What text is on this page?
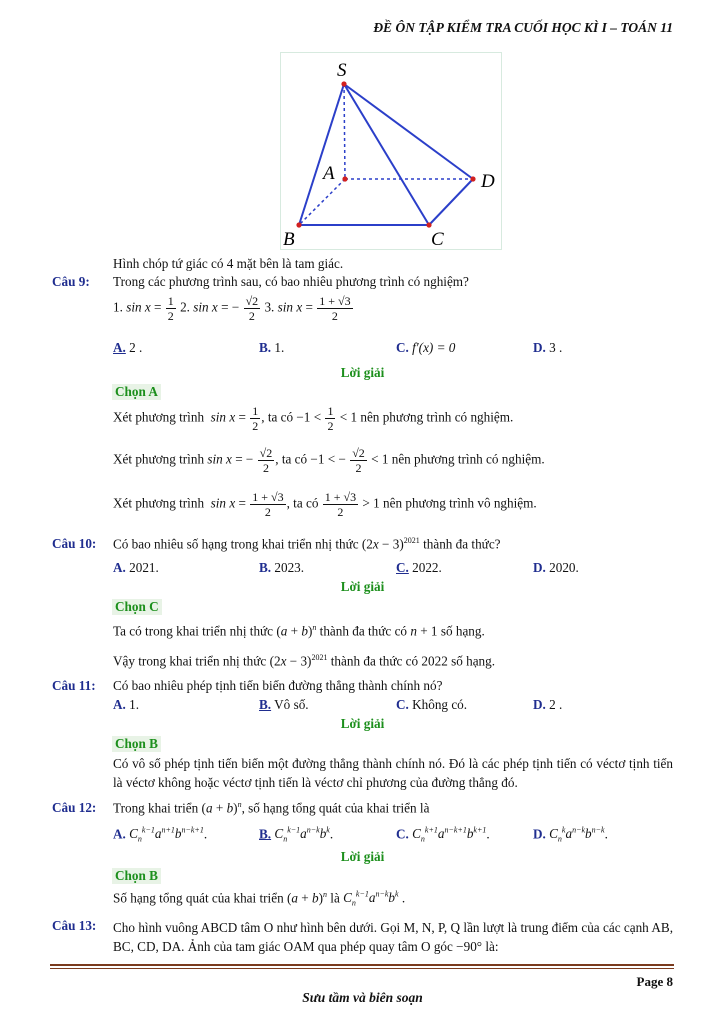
ĐỀ ÔN TẬP KIỂM TRA CUỐI HỌC KÌ I – TOÁN 11
S
A
B	C
D
Hình chóp tứ giác có 4 mặt bên là tam giác.
Câu 9: Trong các phương trình sau, có bao nhiêu phương trình có nghiệm?
1. $\sin x = \frac{1}{2} 2$. sin x = − $\frac{√2}{2} 3$. $\sin x = \frac{1 + √3}{2}$
A. 2 .	B. 1.	C. f′(x) = 0	D. 3 .
Lời giải
Chọn A
Xét phương trình $\sin x = \frac{1}{2}$ , ta có $-1 < \frac{1}{2} < 1$ nên phương trình có nghiệm.
Xét phương trình sin x = − $\frac{√2}{2}$ , ta có −1 < − $\frac{√2}{2} < 1$ nên phương trình có nghiệm.
Xét phương trình $\sin x = \frac{1 + √3}{2}$ , ta có $\frac{1 + √3}{2} > 1$ nên phương trình vô nghiệm.
Câu 10: Có bao nhiêu số hạng trong khai triển nhị thức $(2x - 3)^{2021}$ thành đa thức?
A. 2021.	B. 2023.	C. 2022.	D. 2020.
Lời giải
Chọn C
Ta có trong khai triển nhị thức $(a + b)^n$ thành đa thức có n + 1 số hạng.
Vậy trong khai triển nhị thức $(2x - 3)^{2021}$ thành đa thức có 2022 số hạng.
Câu 11: Có bao nhiêu phép tịnh tiến biến đường thẳng thành chính nó?
A. 1.	B. Vô số.	C. Không có.	D. 2 .
Lời giải
Chọn B
Có vô số phép tịnh tiến biến một đường thẳng thành chính nó. Đó là các phép tịnh tiến có véctơ tịnh tiến là véctơ không hoặc véctơ tịnh tiến là véctơ chỉ phương của đường thẳng đó.
Câu 12: Trong khai triển $(a + b)^n$, số hạng tổng quát của khai triển là
A. $C_n^{k-1}a^{n+1}b^{n-k+1}$.	B. $C_n^{k-1}a^{n-k}b^k$.	C. $C_n^{k+1}a^{n-k+1}b^{k+1}$.	D. $C_n^ka^{n-k}b^{n-k}$.
Lời giải
Chọn B
Số hạng tổng quát của khai triển $(a + b)^n$ là $C_n^{k-1}a^{n-k}b^k$ .
Câu 13: Cho hình vuông ABCD tâm O như hình bên dưới. Gọi M, N, P, Q lần lượt là trung điểm của các cạnh AB, BC, CD, DA. Ảnh của tam giác OAM qua phép quay tâm O góc −90° là:
Page 8
Sưu tầm và biên soạn
